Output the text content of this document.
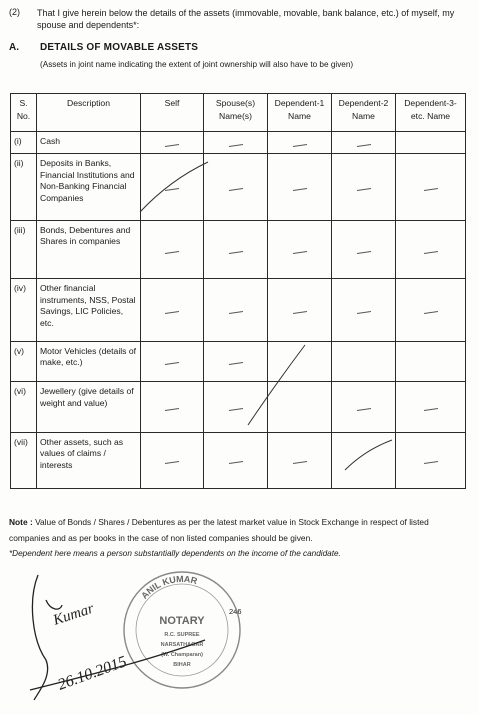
(2) That I give herein below the details of the assets (immovable, movable, bank balance, etc.) of myself, my spouse and dependents*:
A. DETAILS OF MOVABLE ASSETS
(Assets in joint name indicating the extent of joint ownership will also have to be given)
S. No.	Description	Self	Spouse(s) Name(s)	Dependent-1 Name	Dependent-2 Name	Dependent-3- etc. Name
(i)	Cash					
(ii)	Deposits in Banks, Financial Institutions and Non-Banking Financial Companies					
(iii)	Bonds, Debentures and Shares in companies					
(iv)	Other financial instruments, NSS, Postal Savings, LIC Policies, etc.					
(v)	Motor Vehicles (details of make, etc.)					
(vi)	Jewellery (give details of weight and value)					
(vii)	Other assets, such as values of claims / interests					
Note : Value of Bonds / Shares / Debentures as per the latest market value in Stock Exchange in respect of listed companies and as per books in the case of non listed companies should be given.
*Dependent here means a person substantially dependents on the income of the candidate.
246
ANIL KUMAR
NOTARY
R.C. SUPREE
NARSATHAGAR
(W. Champaran)
BIHAR
Kumar
26.10.2015
